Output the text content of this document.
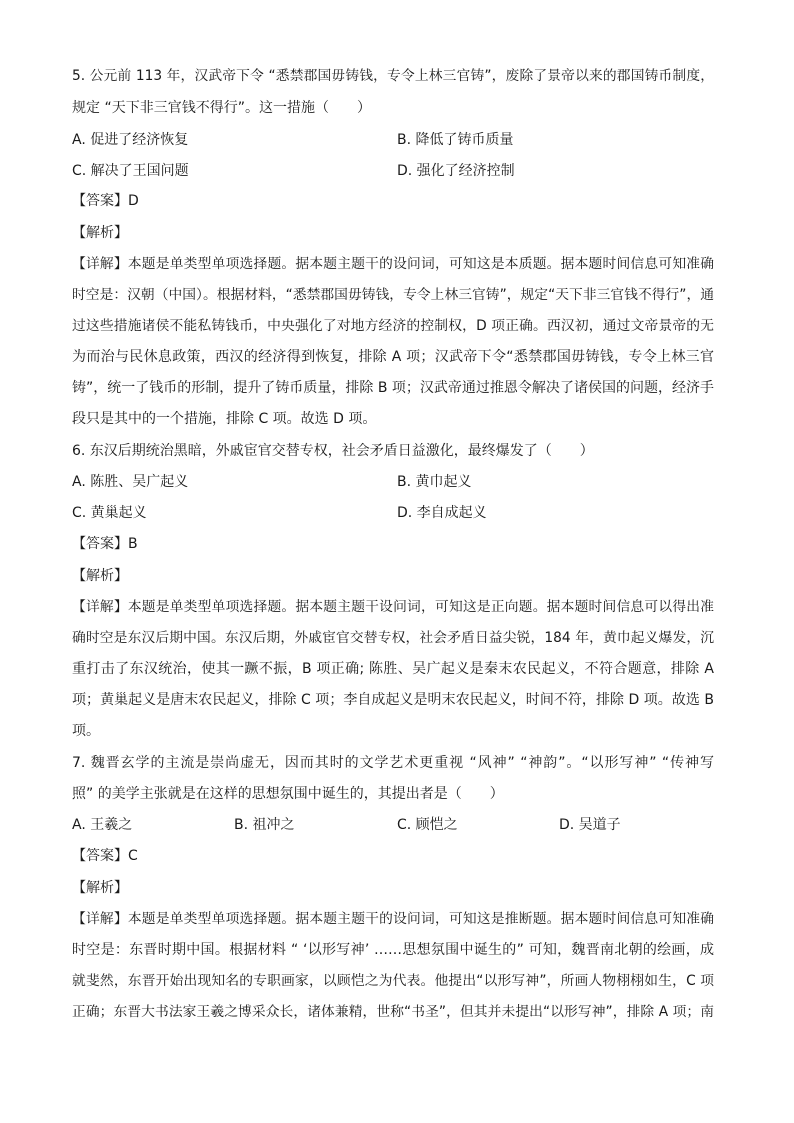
5. 公元前 113 年，汉武帝下令 “悉禁郡国毋铸钱，专令上林三官铸”，废除了景帝以来的郡国铸币制度，
规定 “天下非三官钱不得行”。这一措施（　　）
A. 促进了经济恢复	B. 降低了铸币质量
C. 解决了王国问题	D. 强化了经济控制
【答案】D
【解析】
【详解】本题是单类型单项选择题。据本题主题干的设问词，可知这是本质题。据本题时间信息可知准确
时空是：汉朝（中国）。根据材料，“悉禁郡国毋铸钱，专令上林三官铸”，规定“天下非三官钱不得行”，通
过这些措施诸侯不能私铸钱币，中央强化了对地方经济的控制权，D 项正确。西汉初，通过文帝景帝的无
为而治与民休息政策，西汉的经济得到恢复，排除 A 项；汉武帝下令“悉禁郡国毋铸钱，专令上林三官
铸”，统一了钱币的形制，提升了铸币质量，排除 B 项；汉武帝通过推恩令解决了诸侯国的问题，经济手
段只是其中的一个措施，排除 C 项。故选 D 项。
6. 东汉后期统治黑暗，外戚宦官交替专权，社会矛盾日益激化，最终爆发了（　　）
A. 陈胜、吴广起义	B. 黄巾起义
C. 黄巢起义	D. 李自成起义
【答案】B
【解析】
【详解】本题是单类型单项选择题。据本题主题干设问词，可知这是正向题。据本题时间信息可以得出准
确时空是东汉后期中国。东汉后期，外戚宦官交替专权，社会矛盾日益尖锐，184 年，黄巾起义爆发，沉
重打击了东汉统治，使其一蹶不振，B 项正确; 陈胜、吴广起义是秦末农民起义，不符合题意，排除 A
项；黄巢起义是唐末农民起义，排除 C 项；李自成起义是明末农民起义，时间不符，排除 D 项。故选 B
项。
7. 魏晋玄学的主流是崇尚虚无，因而其时的文学艺术更重视 “风神” “神韵”。“以形写神” “传神写
照” 的美学主张就是在这样的思想氛围中诞生的，其提出者是（　　）
A. 王羲之	B. 祖冲之	C. 顾恺之	D. 吴道子
【答案】C
【解析】
【详解】本题是单类型单项选择题。据本题主题干的设问词，可知这是推断题。据本题时间信息可知准确
时空是：东晋时期中国。根据材料 “ ‘以形写神’ ……思想氛围中诞生的” 可知，魏晋南北朝的绘画，成
就斐然，东晋开始出现知名的专职画家，以顾恺之为代表。他提出“以形写神”，所画人物栩栩如生，C 项
正确；东晋大书法家王羲之博采众长，诸体兼精，世称“书圣”，但其并未提出“以形写神”，排除 A 项；南
